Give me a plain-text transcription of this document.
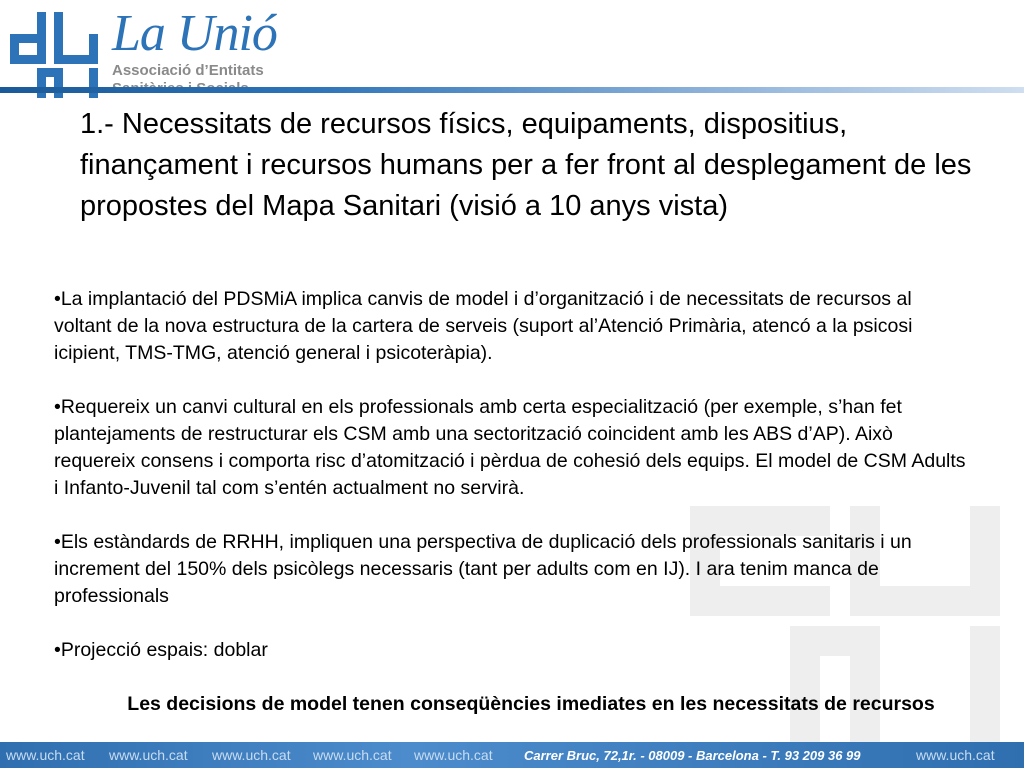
La Unió
Associació d’Entitats
1.- Necessitats de recursos físics, equipaments, dispositius, finançament i recursos humans per a fer front al desplegament de les propostes del Mapa Sanitari (visió a 10 anys vista)

•La implantació del PDSMiA implica canvis de model i d’organització i de necessitats de recursos al voltant de la nova estructura de la cartera de serveis (suport al’Atenció Primària, atencó a la psicosi icipient, TMS-TMG, atenció general i psicoteràpia).

•Requereix un canvi cultural en els professionals amb certa especialització (per exemple, s’han fet plantejaments de restructurar els CSM amb una sectorització coincident amb les ABS d’AP). Això requereix consens i comporta risc d’atomització i pèrdua de cohesió dels equips. El model de CSM Adults i Infanto-Juvenil tal com s’entén actualment no servirà.

•Els estàndards de RRHH, impliquen una perspectiva de duplicació dels professionals sanitaris i un increment del 150% dels psicòlegs necessaris (tant per adults com en IJ). I ara tenim manca de professionals

•Projecció espais: doblar

Les decisions de model tenen conseqüències imediates en les necessitats de recursos
www.uch.cat www.uch.cat www.uch.cat www.uch.cat www.uch.cat Carrer Bruc, 72,1r. - 08009 - Barcelona - T. 93 209 36 99	www.uch.cat
